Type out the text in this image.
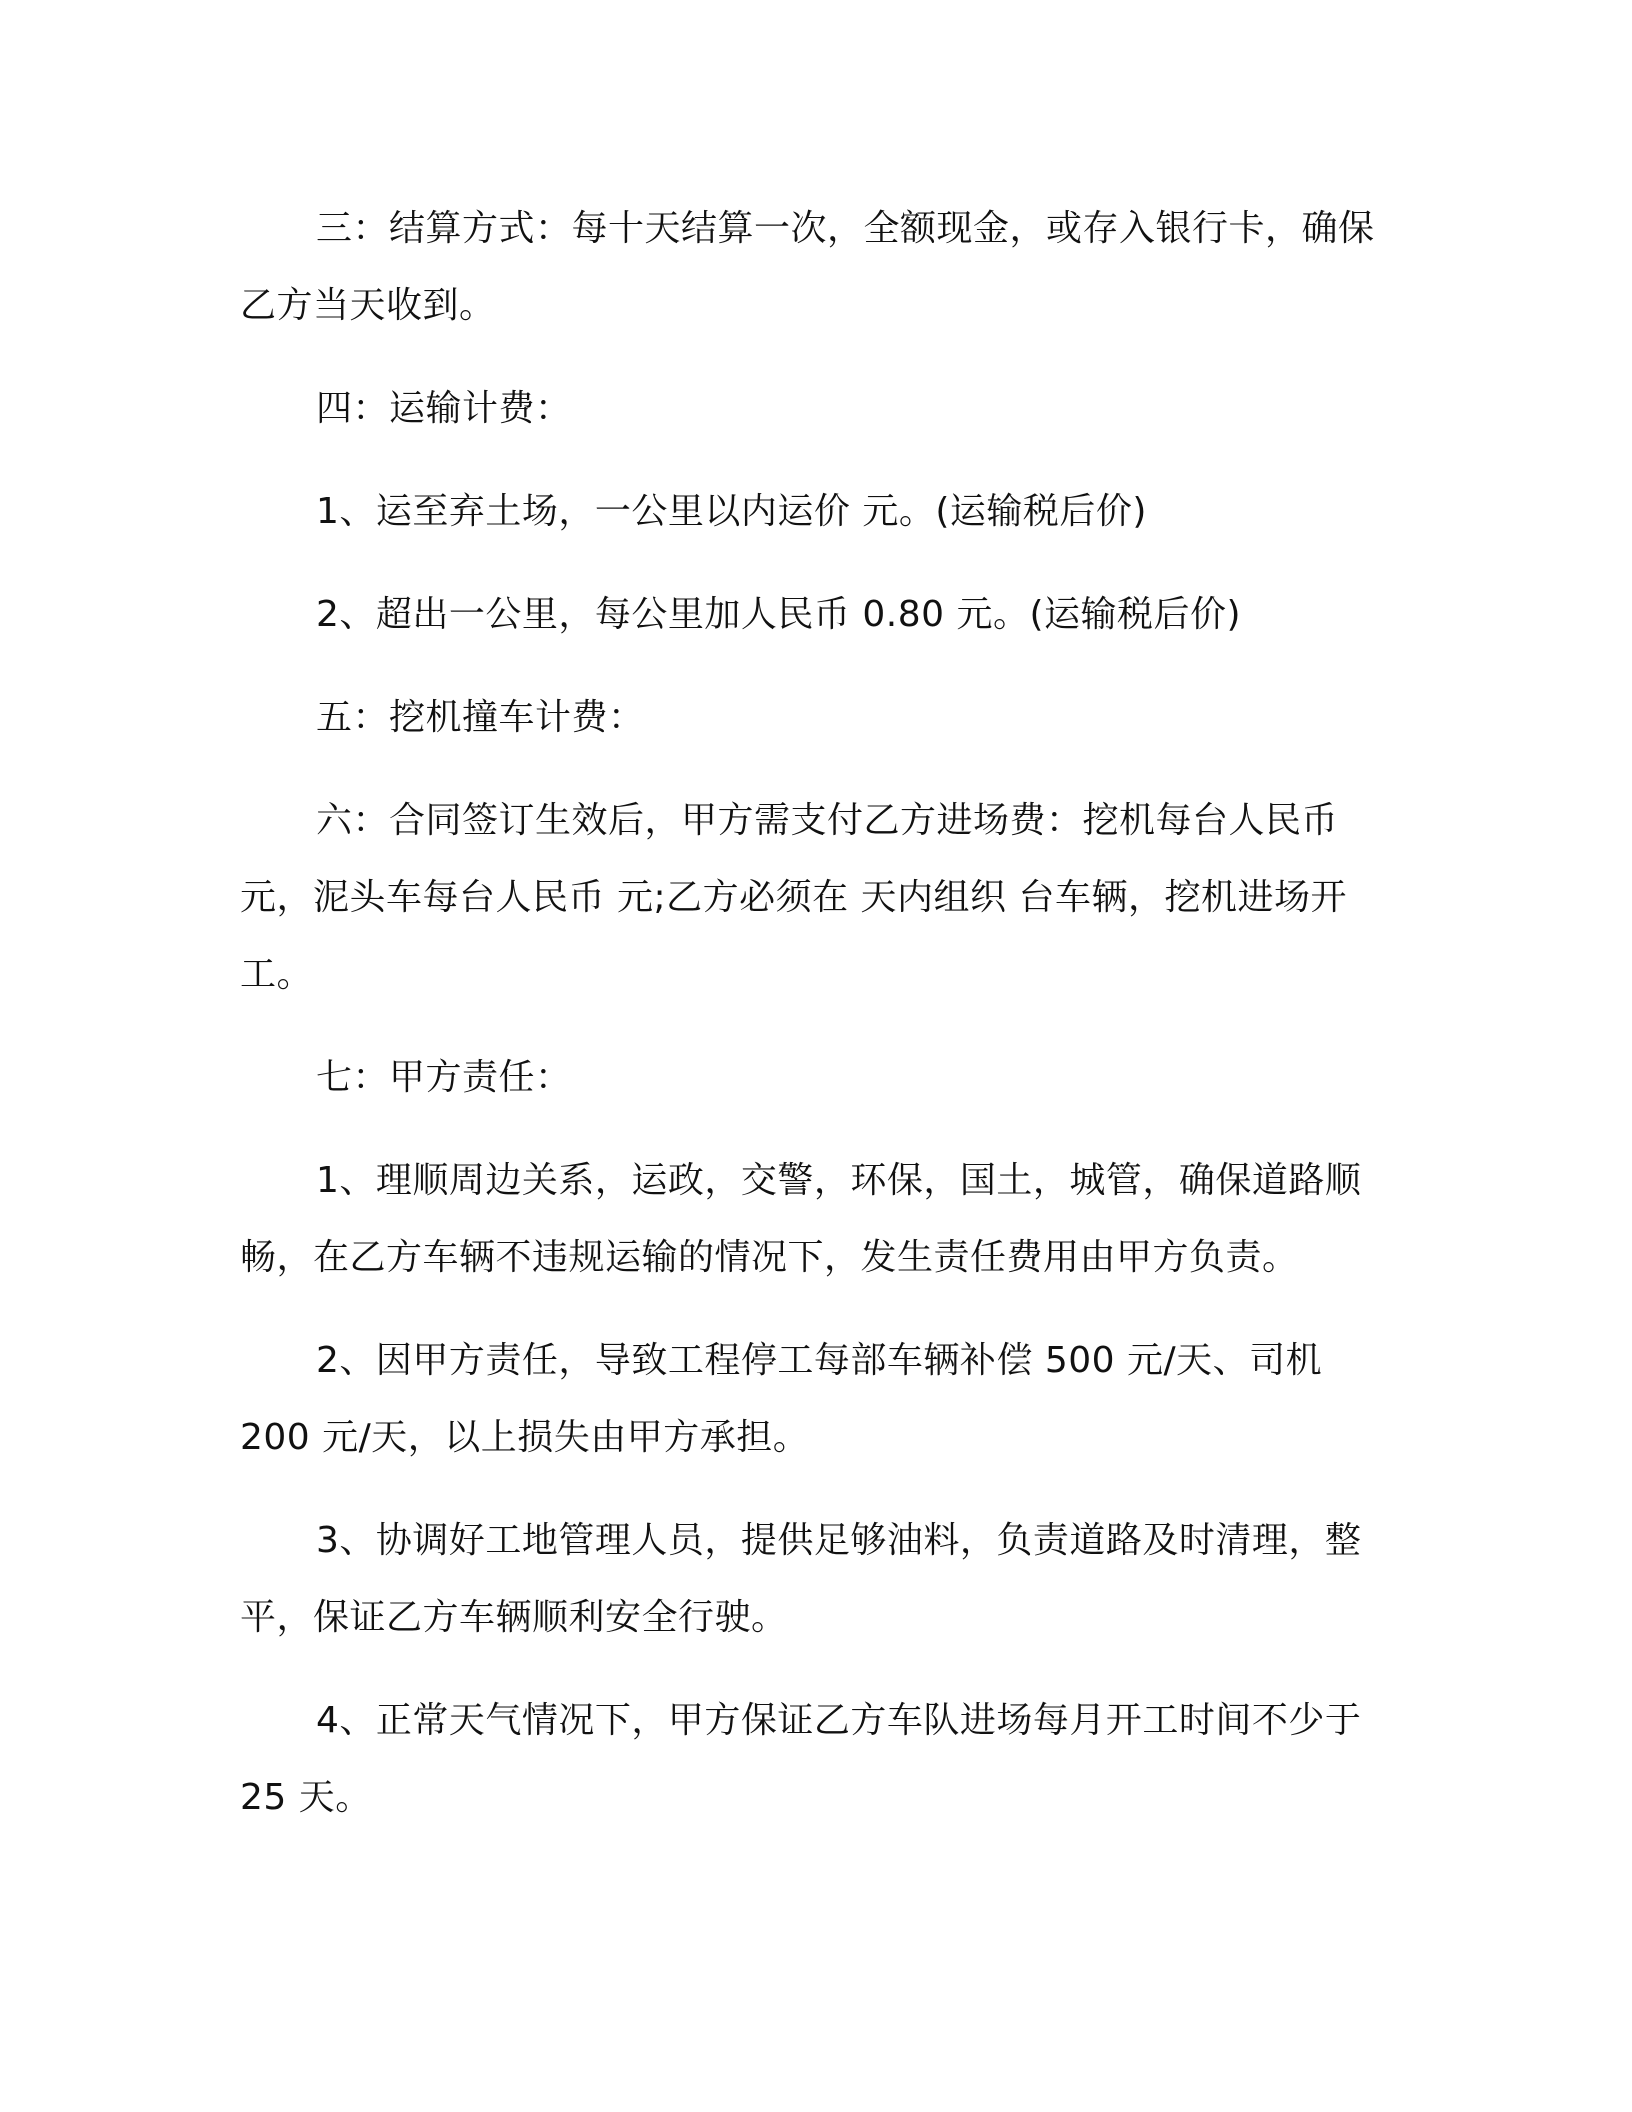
三：结算方式：每十天结算一次，全额现金，或存入银行卡，确保乙方当天收到。

四：运输计费：

1、运至弃土场，一公里以内运价 元。(运输税后价)

2、超出一公里，每公里加人民币 0.80 元。(运输税后价)

五：挖机撞车计费：

六：合同签订生效后，甲方需支付乙方进场费：挖机每台人民币 元，泥头车每台人民币 元;乙方必须在 天内组织 台车辆，挖机进场开工。

七：甲方责任：

1、理顺周边关系，运政，交警，环保，国土，城管，确保道路顺畅，在乙方车辆不违规运输的情况下，发生责任费用由甲方负责。

2、因甲方责任，导致工程停工每部车辆补偿 500 元/天、司机 200 元/天，以上损失由甲方承担。

3、协调好工地管理人员，提供足够油料，负责道路及时清理，整平，保证乙方车辆顺利安全行驶。

4、正常天气情况下，甲方保证乙方车队进场每月开工时间不少于 25 天。
